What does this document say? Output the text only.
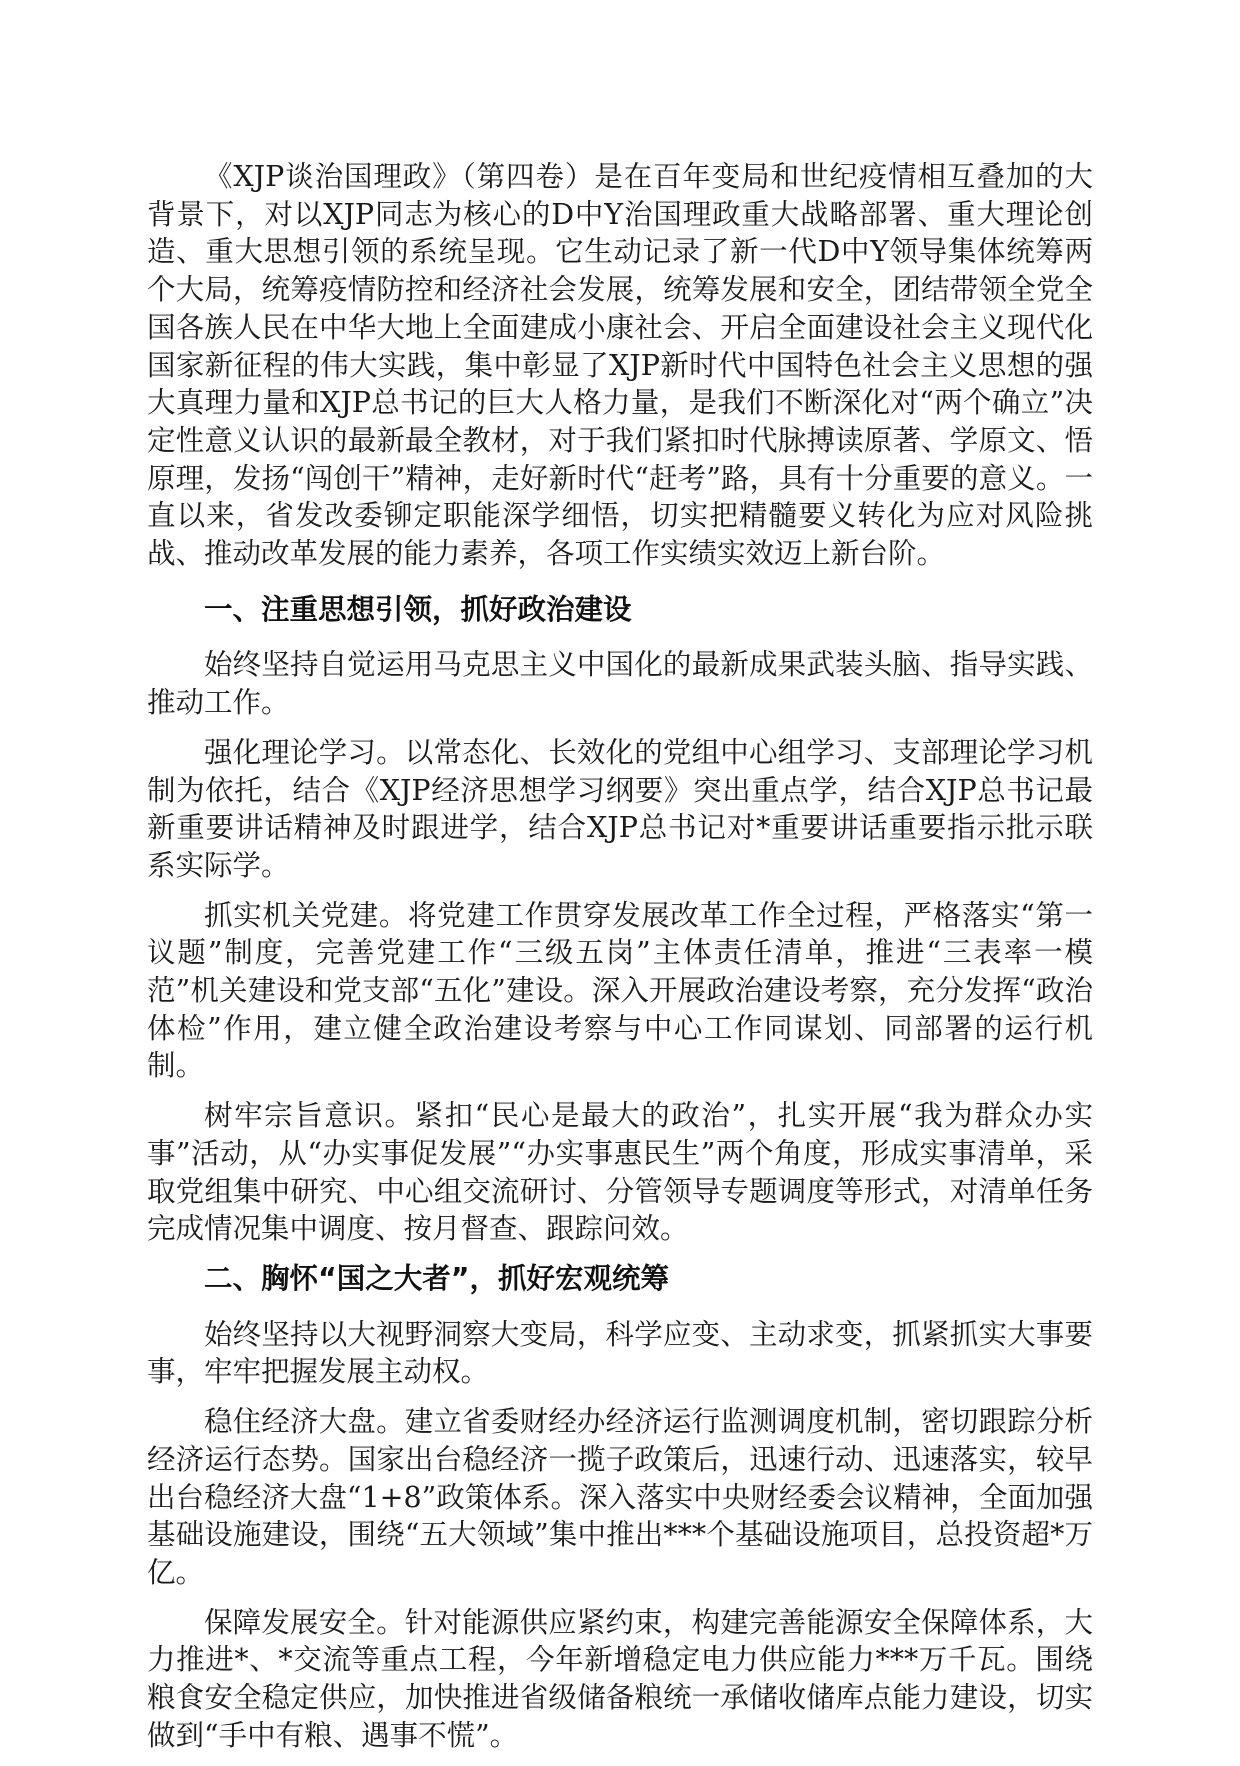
《XJP谈治国理政》（第四卷）是在百年变局和世纪疫情相互叠加的大背景下，对以XJP同志为核心的D中Y治国理政重大战略部署、重大理论创造、重大思想引领的系统呈现。它生动记录了新一代D中Y领导集体统筹两个大局，统筹疫情防控和经济社会发展，统筹发展和安全，团结带领全党全国各族人民在中华大地上全面建成小康社会、开启全面建设社会主义现代化国家新征程的伟大实践，集中彰显了XJP新时代中国特色社会主义思想的强大真理力量和XJP总书记的巨大人格力量，是我们不断深化对“两个确立”决定性意义认识的最新最全教材，对于我们紧扣时代脉搏读原著、学原文、悟原理，发扬“闯创干”精神，走好新时代“赶考”路，具有十分重要的意义。一直以来，省发改委铆定职能深学细悟，切实把精髓要义转化为应对风险挑战、推动改革发展的能力素养，各项工作实绩实效迈上新台阶。

一、注重思想引领，抓好政治建设

始终坚持自觉运用马克思主义中国化的最新成果武装头脑、指导实践、推动工作。

强化理论学习。以常态化、长效化的党组中心组学习、支部理论学习机制为依托，结合《XJP经济思想学习纲要》突出重点学，结合XJP总书记最新重要讲话精神及时跟进学，结合XJP总书记对*重要讲话重要指示批示联系实际学。

抓实机关党建。将党建工作贯穿发展改革工作全过程，严格落实“第一议题”制度，完善党建工作“三级五岗”主体责任清单，推进“三表率一模范”机关建设和党支部“五化”建设。深入开展政治建设考察，充分发挥“政治体检”作用，建立健全政治建设考察与中心工作同谋划、同部署的运行机制。

树牢宗旨意识。紧扣“民心是最大的政治”，扎实开展“我为群众办实事”活动，从“办实事促发展”“办实事惠民生”两个角度，形成实事清单，采取党组集中研究、中心组交流研讨、分管领导专题调度等形式，对清单任务完成情况集中调度、按月督查、跟踪问效。

二、胸怀“国之大者”，抓好宏观统筹

始终坚持以大视野洞察大变局，科学应变、主动求变，抓紧抓实大事要事，牢牢把握发展主动权。

稳住经济大盘。建立省委财经办经济运行监测调度机制，密切跟踪分析经济运行态势。国家出台稳经济一揽子政策后，迅速行动、迅速落实，较早出台稳经济大盘“1+8”政策体系。深入落实中央财经委会议精神，全面加强基础设施建设，围绕“五大领域”集中推出***个基础设施项目，总投资超*万亿。

保障发展安全。针对能源供应紧约束，构建完善能源安全保障体系，大力推进*、*交流等重点工程，今年新增稳定电力供应能力***万千瓦。围绕粮食安全稳定供应，加快推进省级储备粮统一承储收储库点能力建设，切实做到“手中有粮、遇事不慌”。
